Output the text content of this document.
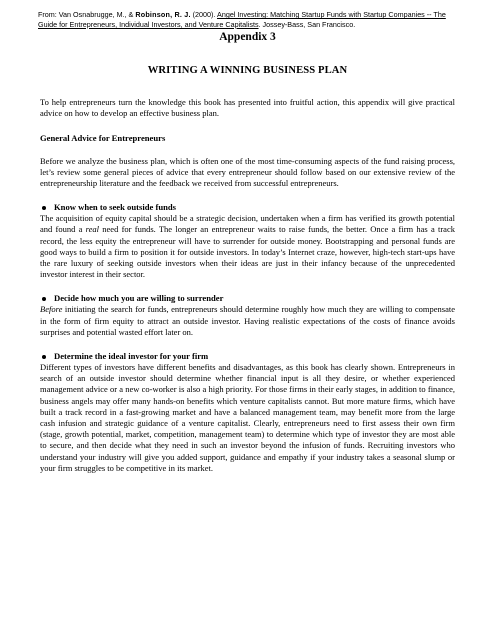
From: Van Osnabrugge, M., & Robinson, R. J. (2000). Angel Investing: Matching Startup Funds with Startup Companies -- The Guide for Entrepreneurs, Individual Investors, and Venture Capitalists. Jossey-Bass, San Francisco.
Appendix 3
WRITING A WINNING BUSINESS PLAN

To help entrepreneurs turn the knowledge this book has presented into fruitful action, this appendix will give practical advice on how to develop an effective business plan.

General Advice for Entrepreneurs

Before we analyze the business plan, which is often one of the most time-consuming aspects of the fund raising process, let’s review some general pieces of advice that every entrepreneur should follow based on our extensive review of the entrepreneurship literature and the feedback we received from successful entrepreneurs.

Know when to seek outside funds

The acquisition of equity capital should be a strategic decision, undertaken when a firm has verified its growth potential and found a real need for funds. The longer an entrepreneur waits to raise funds, the better. Once a firm has a track record, the less equity the entrepreneur will have to surrender for outside money. Bootstrapping and personal funds are good ways to build a firm to position it for outside investors. In today’s Internet craze, however, high-tech start-ups have the rare luxury of seeking outside investors when their ideas are just in their infancy because of the unprecedented investor interest in their sector.

Decide how much you are willing to surrender

Before initiating the search for funds, entrepreneurs should determine roughly how much they are willing to compensate in the form of firm equity to attract an outside investor. Having realistic expectations of the costs of finance avoids surprises and potential wasted effort later on.

Determine the ideal investor for your firm

Different types of investors have different benefits and disadvantages, as this book has clearly shown. Entrepreneurs in search of an outside investor should determine whether financial input is all they desire, or whether experienced management advice or a new co-worker is also a high priority. For those firms in their early stages, in addition to finance, business angels may offer many hands-on benefits which venture capitalists cannot. But more mature firms, which have built a track record in a fast-growing market and have a balanced management team, may benefit more from the large cash infusion and strategic guidance of a venture capitalist. Clearly, entrepreneurs need to first assess their own firm (stage, growth potential, market, competition, management team) to determine which type of investor they are most able to secure, and then decide what they need in such an investor beyond the infusion of funds. Recruiting investors who understand your industry will give you added support, guidance and empathy if your industry takes a seasonal slump or your firm struggles to be competitive in its market.
